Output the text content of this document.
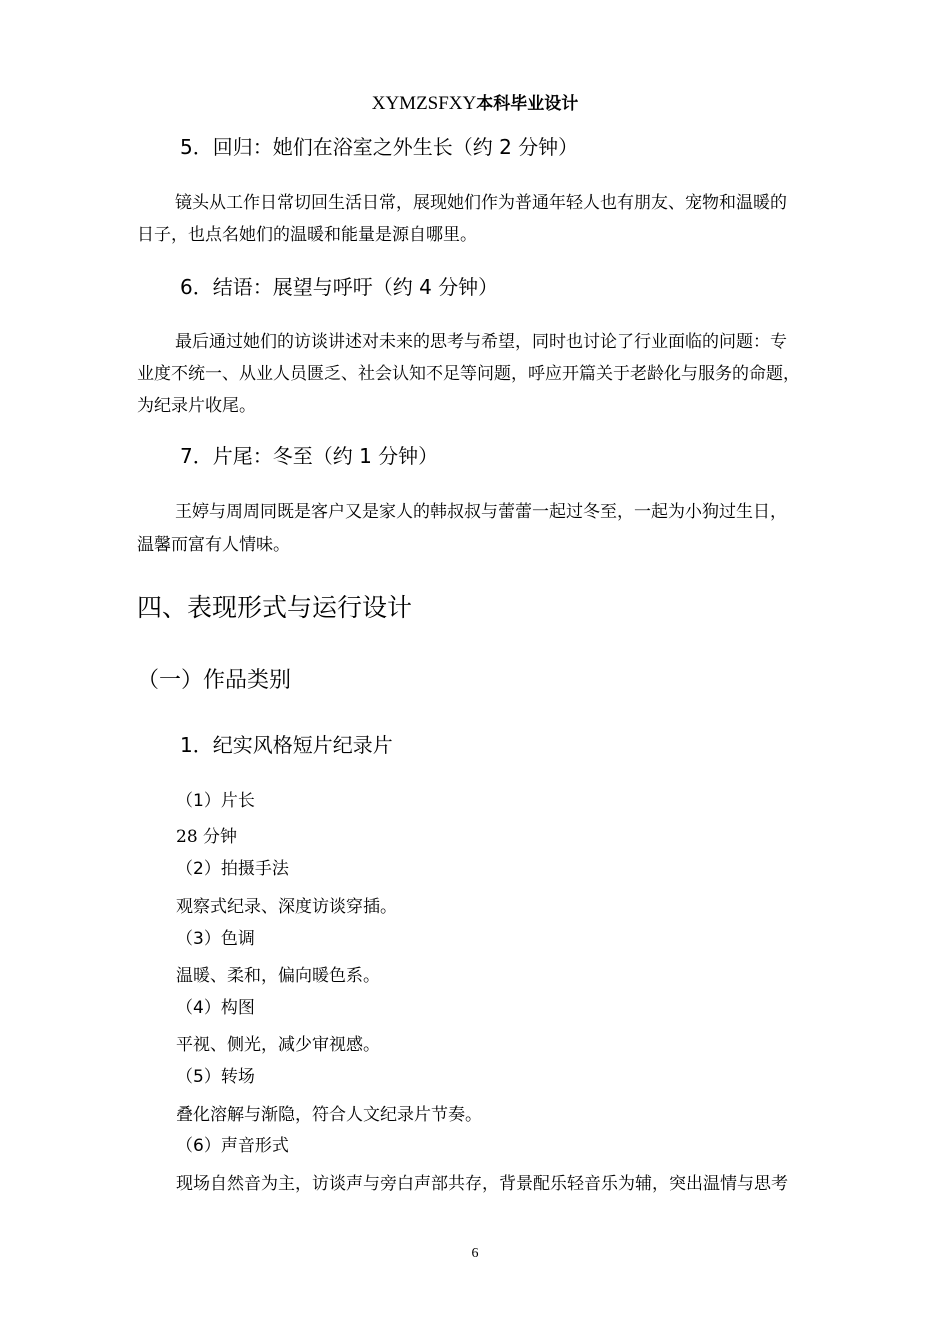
XYMZSFXY本科毕业设计
5．回归：她们在浴室之外生长（约 2 分钟）
镜头从工作日常切回生活日常，展现她们作为普通年轻人也有朋友、宠物和温暖的
日子，也点名她们的温暖和能量是源自哪里。
6．结语：展望与呼吁（约 4 分钟）
最后通过她们的访谈讲述对未来的思考与希望，同时也讨论了行业面临的问题：专
业度不统一、从业人员匮乏、社会认知不足等问题，呼应开篇关于老龄化与服务的命题，
为纪录片收尾。
7．片尾：冬至（约 1 分钟）
王婷与周周同既是客户又是家人的韩叔叔与蕾蕾一起过冬至，一起为小狗过生日，
温馨而富有人情味。
四、表现形式与运行设计
（一）作品类别
1．纪实风格短片纪录片
（1）片长
28 分钟
（2）拍摄手法
观察式纪录、深度访谈穿插。
（3）色调
温暖、柔和，偏向暖色系。
（4）构图
平视、侧光，减少审视感。
（5）转场
叠化溶解与渐隐，符合人文纪录片节奏。
（6）声音形式
现场自然音为主，访谈声与旁白声部共存，背景配乐轻音乐为辅，突出温情与思考
6
